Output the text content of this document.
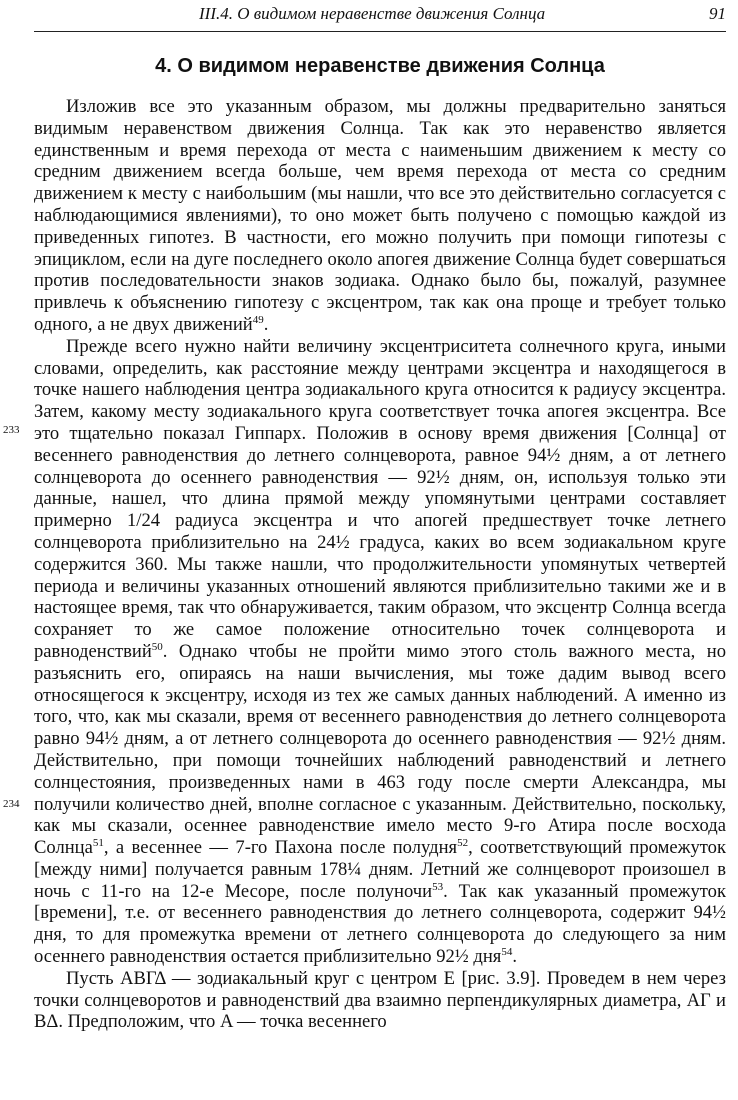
III.4. О видимом неравенстве движения Солнца	91
4. О видимом неравенстве движения Солнца
233
234

Изложив все это указанным образом, мы должны предварительно заняться видимым неравенством движения Солнца. Так как это неравенство является единственным и время перехода от места с наименьшим движением к месту со средним движением всегда больше, чем время перехода от места со средним движением к месту с наибольшим (мы нашли, что все это действительно согласуется с наблюдающимися явлениями), то оно может быть получено с помощью каждой из приведенных гипотез. В частности, его можно получить при помощи гипотезы с эпициклом, если на дуге последнего около апогея движение Солнца будет совершаться против последовательности знаков зодиака. Однако было бы, пожалуй, разумнее привлечь к объяснению гипотезу с эксцентром, так как она проще и требует только одного, а не двух движений$^{49}$.

Прежде всего нужно найти величину эксцентриситета солнечного круга, иными словами, определить, как расстояние между центрами эксцентра и находящегося в точке нашего наблюдения центра зодиакального круга относится к радиусу эксцентра. Затем, какому месту зодиакального круга соответствует точка апогея эксцентра. Все это тщательно показал Гиппарх. Положив в основу время движения [Солнца] от весеннего равноденствия до летнего солнцеворота, равное 94½ дням, а от летнего солнцеворота до осеннего равноденствия — 92½ дням, он, используя только эти данные, нашел, что длина прямой между упомянутыми центрами составляет примерно 1/24 радиуса эксцентра и что апогей предшествует точке летнего солнцеворота приблизительно на 24½ градуса, каких во всем зодиакальном круге содержится 360. Мы также нашли, что продолжительности упомянутых четвертей периода и величины указанных отношений являются приблизительно такими же и в настоящее время, так что обнаруживается, таким образом, что эксцентр Солнца всегда сохраняет то же самое положение относительно точек солнцеворота и равноденствий$^{50}$. Однако чтобы не пройти мимо этого столь важного места, но разъяснить его, опираясь на наши вычисления, мы тоже дадим вывод всего относящегося к эксцентру, исходя из тех же самых данных наблюдений. А именно из того, что, как мы сказали, время от весеннего равноденствия до летнего солнцеворота равно 94½ дням, а от летнего солнцеворота до осеннего равноденствия — 92½ дням. Действительно, при помощи точнейших наблюдений равноденствий и летнего солнцестояния, произведенных нами в 463 году после смерти Александра, мы получили количество дней, вполне согласное с указанным. Действительно, поскольку, как мы сказали, осеннее равноденствие имело место 9-го Атира после восхода Солнца$^{51}$, а весеннее — 7-го Пахона после полудня$^{52}$, соответствующий промежуток [между ними] получается равным 178¼ дням. Летний же солнцеворот произошел в ночь с 11-го на 12-е Месоре, после полуночи$^{53}$. Так как указанный промежуток [времени], т.е. от весеннего равноденствия до летнего солнцеворота, содержит 94½ дня, то для промежутка времени от летнего солнцеворота до следующего за ним осеннего равноденствия остается приблизительно 92½ дня$^{54}$.

Пусть ΑΒΓΔ — зодиакальный круг с центром Ε [рис. 3.9]. Проведем в нем через точки солнцеворотов и равноденствий два взаимно перпендикулярных диаметра, ΑΓ и ΒΔ. Предположим, что Α — точка весеннего
